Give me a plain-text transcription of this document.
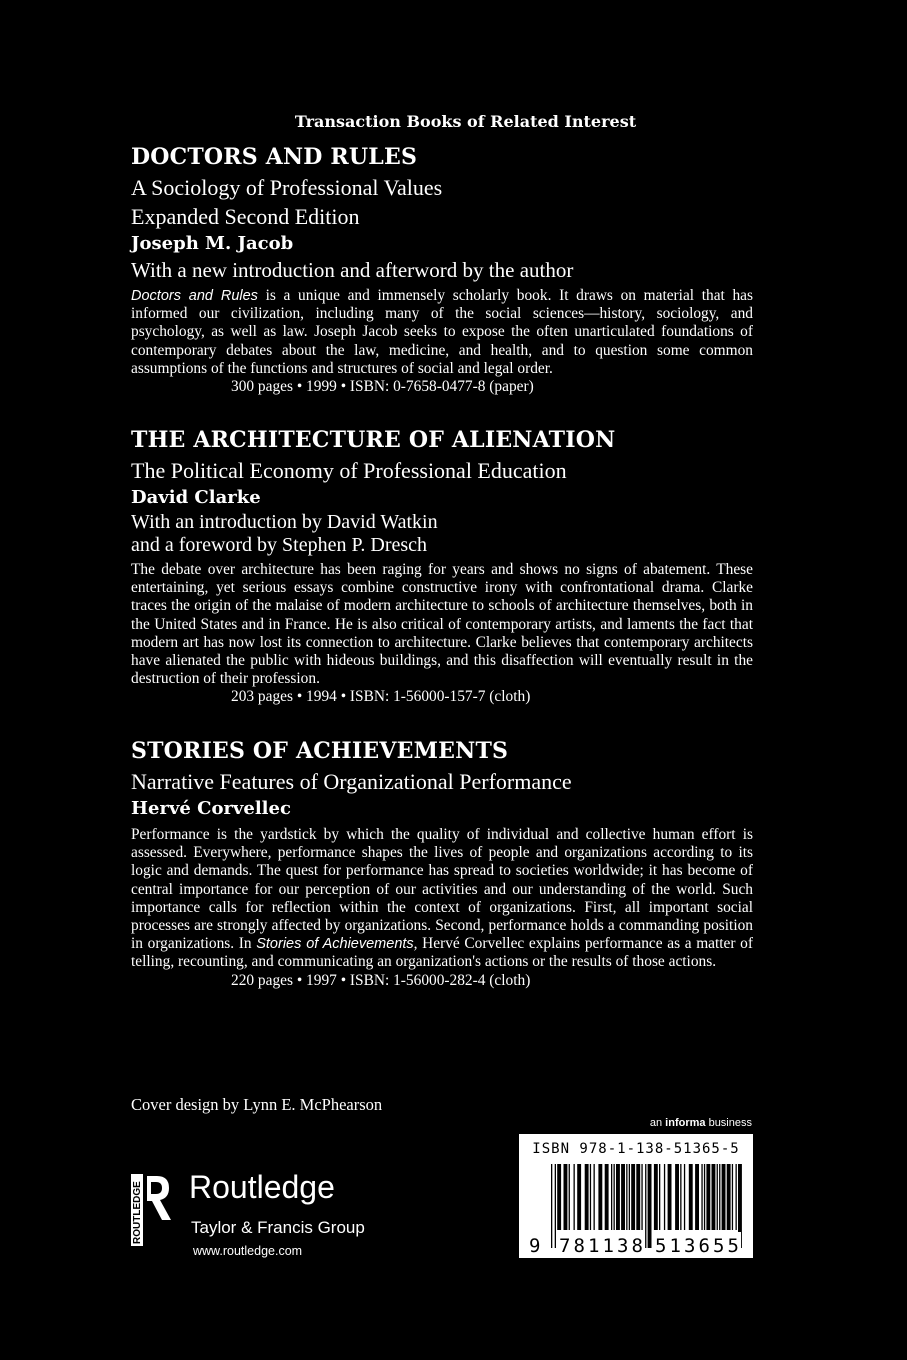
Transaction Books of Related Interest
DOCTORS AND RULES
A Sociology of Professional Values
Expanded Second Edition
Joseph M. Jacob
With a new introduction and afterword by the author
Doctors and Rules is a unique and immensely scholarly book. It draws on material that has informed our civilization, including many of the social sciences—history, sociology, and psychology, as well as law. Joseph Jacob seeks to expose the often unarticulated foundations of contemporary debates about the law, medicine, and health, and to question some common assumptions of the functions and structures of social and legal order.
300 pages • 1999 • ISBN: 0-7658-0477-8 (paper)
THE ARCHITECTURE OF ALIENATION
The Political Economy of Professional Education
David Clarke
With an introduction by David Watkin
and a foreword by Stephen P. Dresch
The debate over architecture has been raging for years and shows no signs of abatement. These entertaining, yet serious essays combine constructive irony with confrontational drama. Clarke traces the origin of the malaise of modern architecture to schools of architecture themselves, both in the United States and in France. He is also critical of contemporary artists, and laments the fact that modern art has now lost its connection to architecture. Clarke believes that contemporary architects have alienated the public with hideous buildings, and this disaffection will eventually result in the destruction of their profession.
203 pages • 1994 • ISBN: 1-56000-157-7 (cloth)
STORIES OF ACHIEVEMENTS
Narrative Features of Organizational Performance
Hervé Corvellec
Performance is the yardstick by which the quality of individual and collective human effort is assessed. Everywhere, performance shapes the lives of people and organizations according to its logic and demands. The quest for performance has spread to societies worldwide; it has become of central importance for our perception of our activities and our understanding of the world. Such importance calls for reflection within the context of organizations. First, all important social processes are strongly affected by organizations. Second, performance holds a commanding position in organizations. In Stories of Achievements, Hervé Corvellec explains performance as a matter of telling, recounting, and communicating an organization's actions or the results of those actions.
220 pages • 1997 • ISBN: 1-56000-282-4 (cloth)
Cover design by Lynn E. McPhearson
ROUTLEDGE Routledge
Taylor & Francis Group
www.routledge.com
an informa business
ISBN 978-1-138-51365-5
9 781138 513655
